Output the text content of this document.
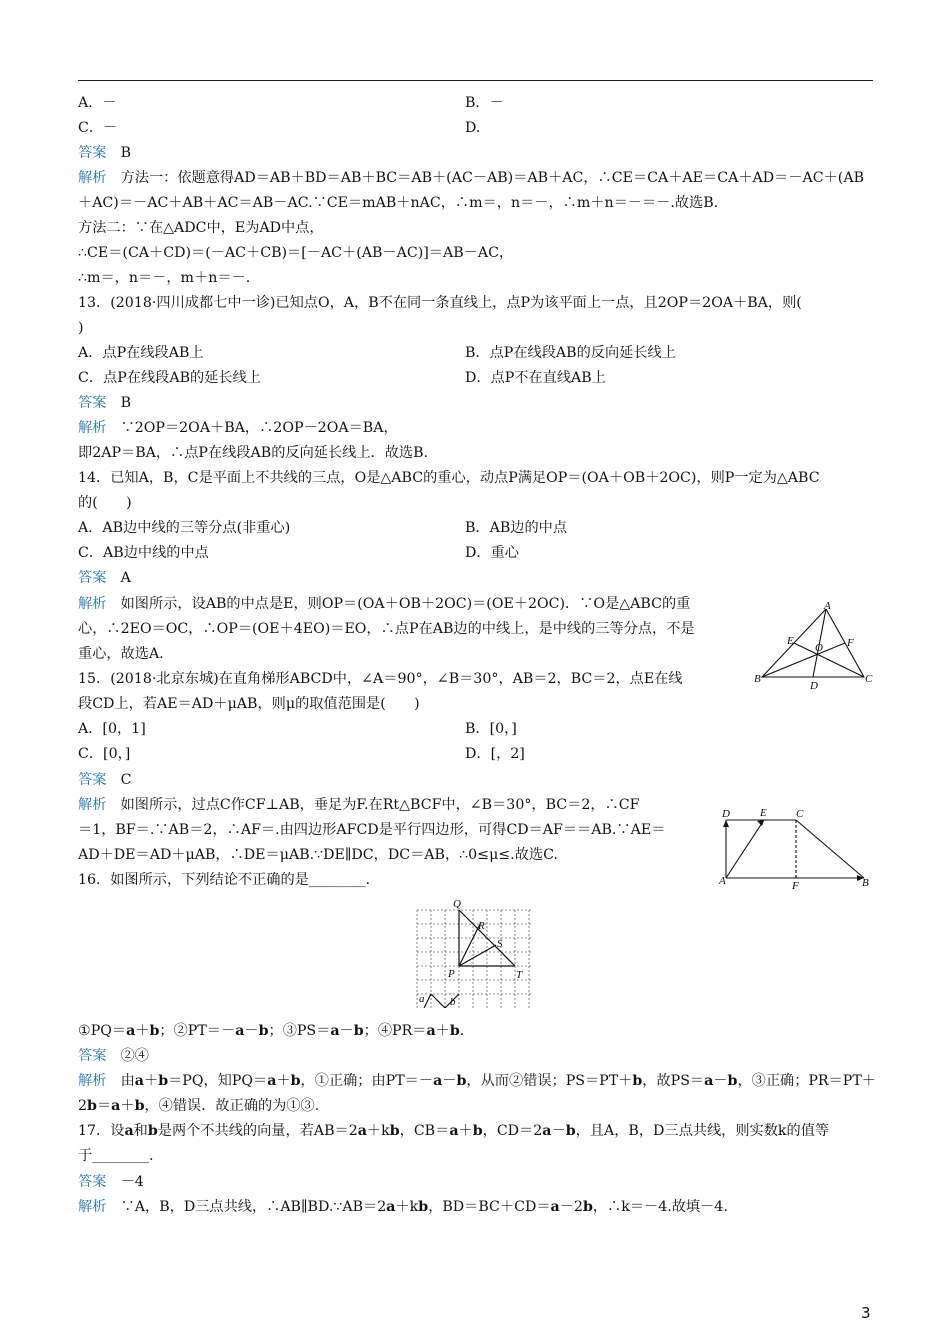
A．－	B．－
C．－	D.
答案　B
解析　方法一：依题意得AD＝AB＋BD＝AB＋BC＝AB＋(AC－AB)＝AB＋AC，∴CE＝CA＋AE＝CA＋AD＝－AC＋(AB
＋AC)＝－AC＋AB＋AC＝AB－AC.∵CE＝mAB＋nAC，∴m＝，n＝－，∴m＋n＝－＝－.故选B.
方法二：∵在△ADC中，E为AD中点，
∴CE＝(CA＋CD)＝(－AC＋CB)＝[－AC＋(AB－AC)]＝AB－AC，
∴m＝，n＝－，m＋n＝－.
13．(2018·四川成都七中一诊)已知点O，A，B不在同一条直线上，点P为该平面上一点，且2OP＝2OA＋BA，则(
)
A．点P在线段AB上	B．点P在线段AB的反向延长线上
C．点P在线段AB的延长线上	D．点P不在直线AB上
答案　B
解析　∵2OP＝2OA＋BA，∴2OP－2OA＝BA，
即2AP＝BA，∴点P在线段AB的反向延长线上．故选B.
14．已知A，B，C是平面上不共线的三点，O是△ABC的重心，动点P满足OP＝(OA＋OB＋2OC)，则P一定为△ABC
的(　　)
A．AB边中线的三等分点(非重心)	B．AB边的中点
C．AB边中线的中点	D．重心
答案　A
解析　如图所示，设AB的中点是E，则OP＝(OA＋OB＋2OC)＝(OE＋2OC)．∵O是△ABC的重
心，∴2EO＝OC，∴OP＝(OE＋4EO)＝EO，∴点P在AB边的中线上，是中线的三等分点，不是
重心，故选A.
15．(2018·北京东城)在直角梯形ABCD中，∠A＝90°，∠B＝30°，AB＝2，BC＝2，点E在线
段CD上，若AE＝AD＋μAB，则μ的取值范围是(　　)
A．[0，1]	B．[0，]
C．[0，]	D．[，2]
答案　C
解析　如图所示，过点C作CF⊥AB，垂足为F.在Rt△BCF中，∠B＝30°，BC＝2，∴CF
＝1，BF＝.∵AB＝2，∴AF＝.由四边形AFCD是平行四边形，可得CD＝AF＝＝AB.∵AE＝
AD＋DE＝AD＋μAB，∴DE＝μAB.∵DE∥DC，DC＝AB，∴0≤μ≤.故选C.
16．如图所示，下列结论不正确的是________．
①PQ＝a＋b；②PT＝－a－b；③PS＝a－b；④PR＝a＋b.
答案　②④
解析　由a＋b＝PQ，知PQ＝a＋b，①正确；由PT＝－a－b，从而②错误；PS＝PT＋b，故PS＝a－b，③正确；PR＝PT＋
2b＝a＋b，④错误．故正确的为①③.
17．设a和b是两个不共线的向量，若AB＝2a＋kb，CB＝a＋b，CD＝2a－b，且A，B，D三点共线，则实数k的值等
于________.
答案　－4
解析　∵A，B，D三点共线，∴AB∥BD.∵AB＝2a＋kb，BD＝BC＋CD＝a－2b，∴k＝－4.故填－4.
A
B	C
D
E	F
O
D	E	C
A	F	B
Q
R
S
P	T
a b
3
